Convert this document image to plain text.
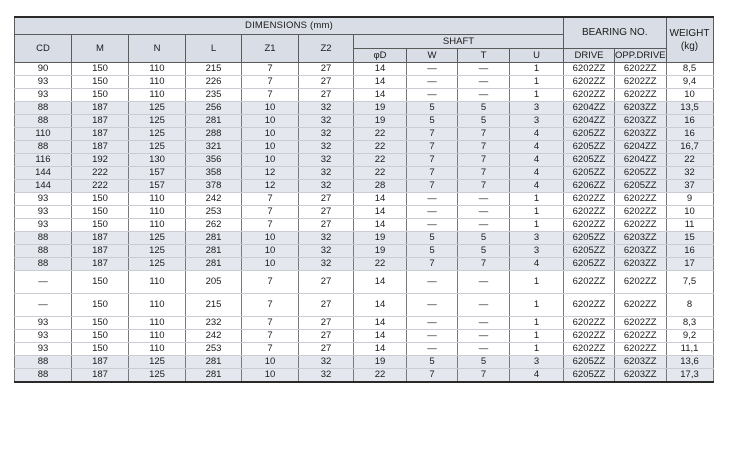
DIMENSIONS (mm)										BEARING NO.		WEIGHT
(kg)
CD	M	N	L	Z1	Z2	SHAFT						
						φD	W	T	U	DRIVE	OPP.DRIVE	
90	150	110	215	7	27	14	—	—	1	6202ZZ	6202ZZ	8,5
93	150	110	226	7	27	14	—	—	1	6202ZZ	6202ZZ	9,4
93	150	110	235	7	27	14	—	—	1	6202ZZ	6202ZZ	10
88	187	125	256	10	32	19	5	5	3	6204ZZ	6203ZZ	13,5
88	187	125	281	10	32	19	5	5	3	6204ZZ	6203ZZ	16
110	187	125	288	10	32	22	7	7	4	6205ZZ	6203ZZ	16
88	187	125	321	10	32	22	7	7	4	6205ZZ	6204ZZ	16,7
116	192	130	356	10	32	22	7	7	4	6205ZZ	6204ZZ	22
144	222	157	358	12	32	22	7	7	4	6205ZZ	6205ZZ	32
144	222	157	378	12	32	28	7	7	4	6206ZZ	6205ZZ	37
93	150	110	242	7	27	14	—	—	1	6202ZZ	6202ZZ	9
93	150	110	253	7	27	14	—	—	1	6202ZZ	6202ZZ	10
93	150	110	262	7	27	14	—	—	1	6202ZZ	6202ZZ	11
88	187	125	281	10	32	19	5	5	3	6205ZZ	6203ZZ	15
88	187	125	281	10	32	19	5	5	3	6205ZZ	6203ZZ	16
88	187	125	281	10	32	22	7	7	4	6205ZZ	6203ZZ	17
—	150	110	205	7	27	14	—	—	1	6202ZZ	6202ZZ	7,5
—	150	110	215	7	27	14	—	—	1	6202ZZ	6202ZZ	8
93	150	110	232	7	27	14	—	—	1	6202ZZ	6202ZZ	8,3
93	150	110	242	7	27	14	—	—	1	6202ZZ	6202ZZ	9,2
93	150	110	253	7	27	14	—	—	1	6202ZZ	6202ZZ	11,1
88	187	125	281	10	32	19	5	5	3	6205ZZ	6203ZZ	13,6
88	187	125	281	10	32	22	7	7	4	6205ZZ	6203ZZ	17,3
